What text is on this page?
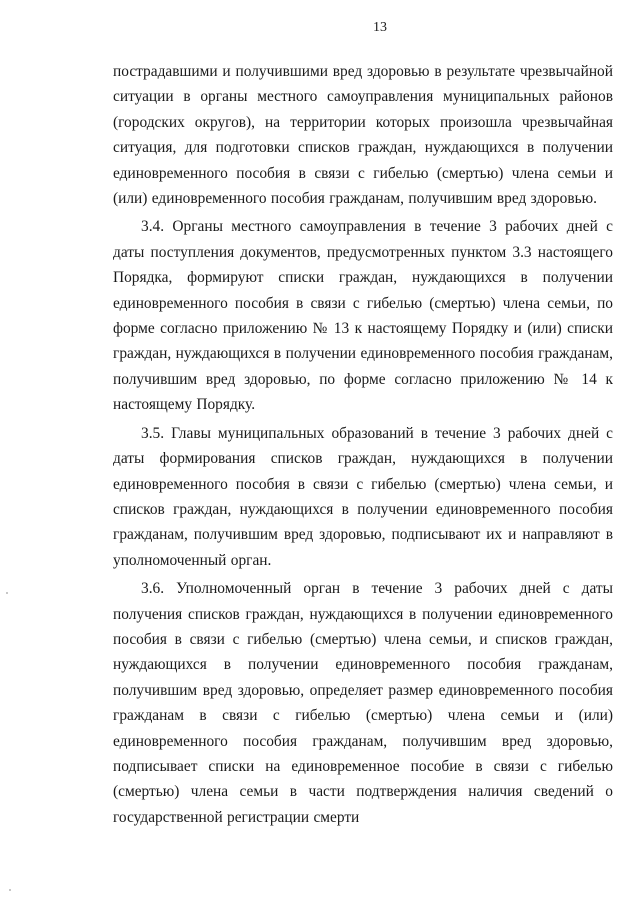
13

пострадавшими и получившими вред здоровью в результате чрезвычайной ситуации в органы местного самоуправления муниципальных районов (городских округов), на территории которых произошла чрезвычайная ситуация, для подготовки списков граждан, нуждающихся в получении единовременного пособия в связи с гибелью (смертью) члена семьи и (или) единовременного пособия гражданам, получившим вред здоровью.

3.4. Органы местного самоуправления в течение 3 рабочих дней с даты поступления документов, предусмотренных пунктом 3.3 настоящего Порядка, формируют списки граждан, нуждающихся в получении единовременного пособия в связи с гибелью (смертью) члена семьи, по форме согласно приложению № 13 к настоящему Порядку и (или) списки граждан, нуждающихся в получении единовременного пособия гражданам, получившим вред здоровью, по форме согласно приложению № 14 к настоящему Порядку.

3.5. Главы муниципальных образований в течение 3 рабочих дней с даты формирования списков граждан, нуждающихся в получении единовременного пособия в связи с гибелью (смертью) члена семьи, и списков граждан, нуждающихся в получении единовременного пособия гражданам, получившим вред здоровью, подписывают их и направляют в уполномоченный орган.

3.6. Уполномоченный орган в течение 3 рабочих дней с даты получения списков граждан, нуждающихся в получении единовременного пособия в связи с гибелью (смертью) члена семьи, и списков граждан, нуждающихся в получении единовременного пособия гражданам, получившим вред здоровью, определяет размер единовременного пособия гражданам в связи с гибелью (смертью) члена семьи и (или) единовременного пособия гражданам, получившим вред здоровью, подписывает списки на единовременное пособие в связи с гибелью (смертью) члена семьи в части подтверждения наличия сведений о государственной регистрации смерти
